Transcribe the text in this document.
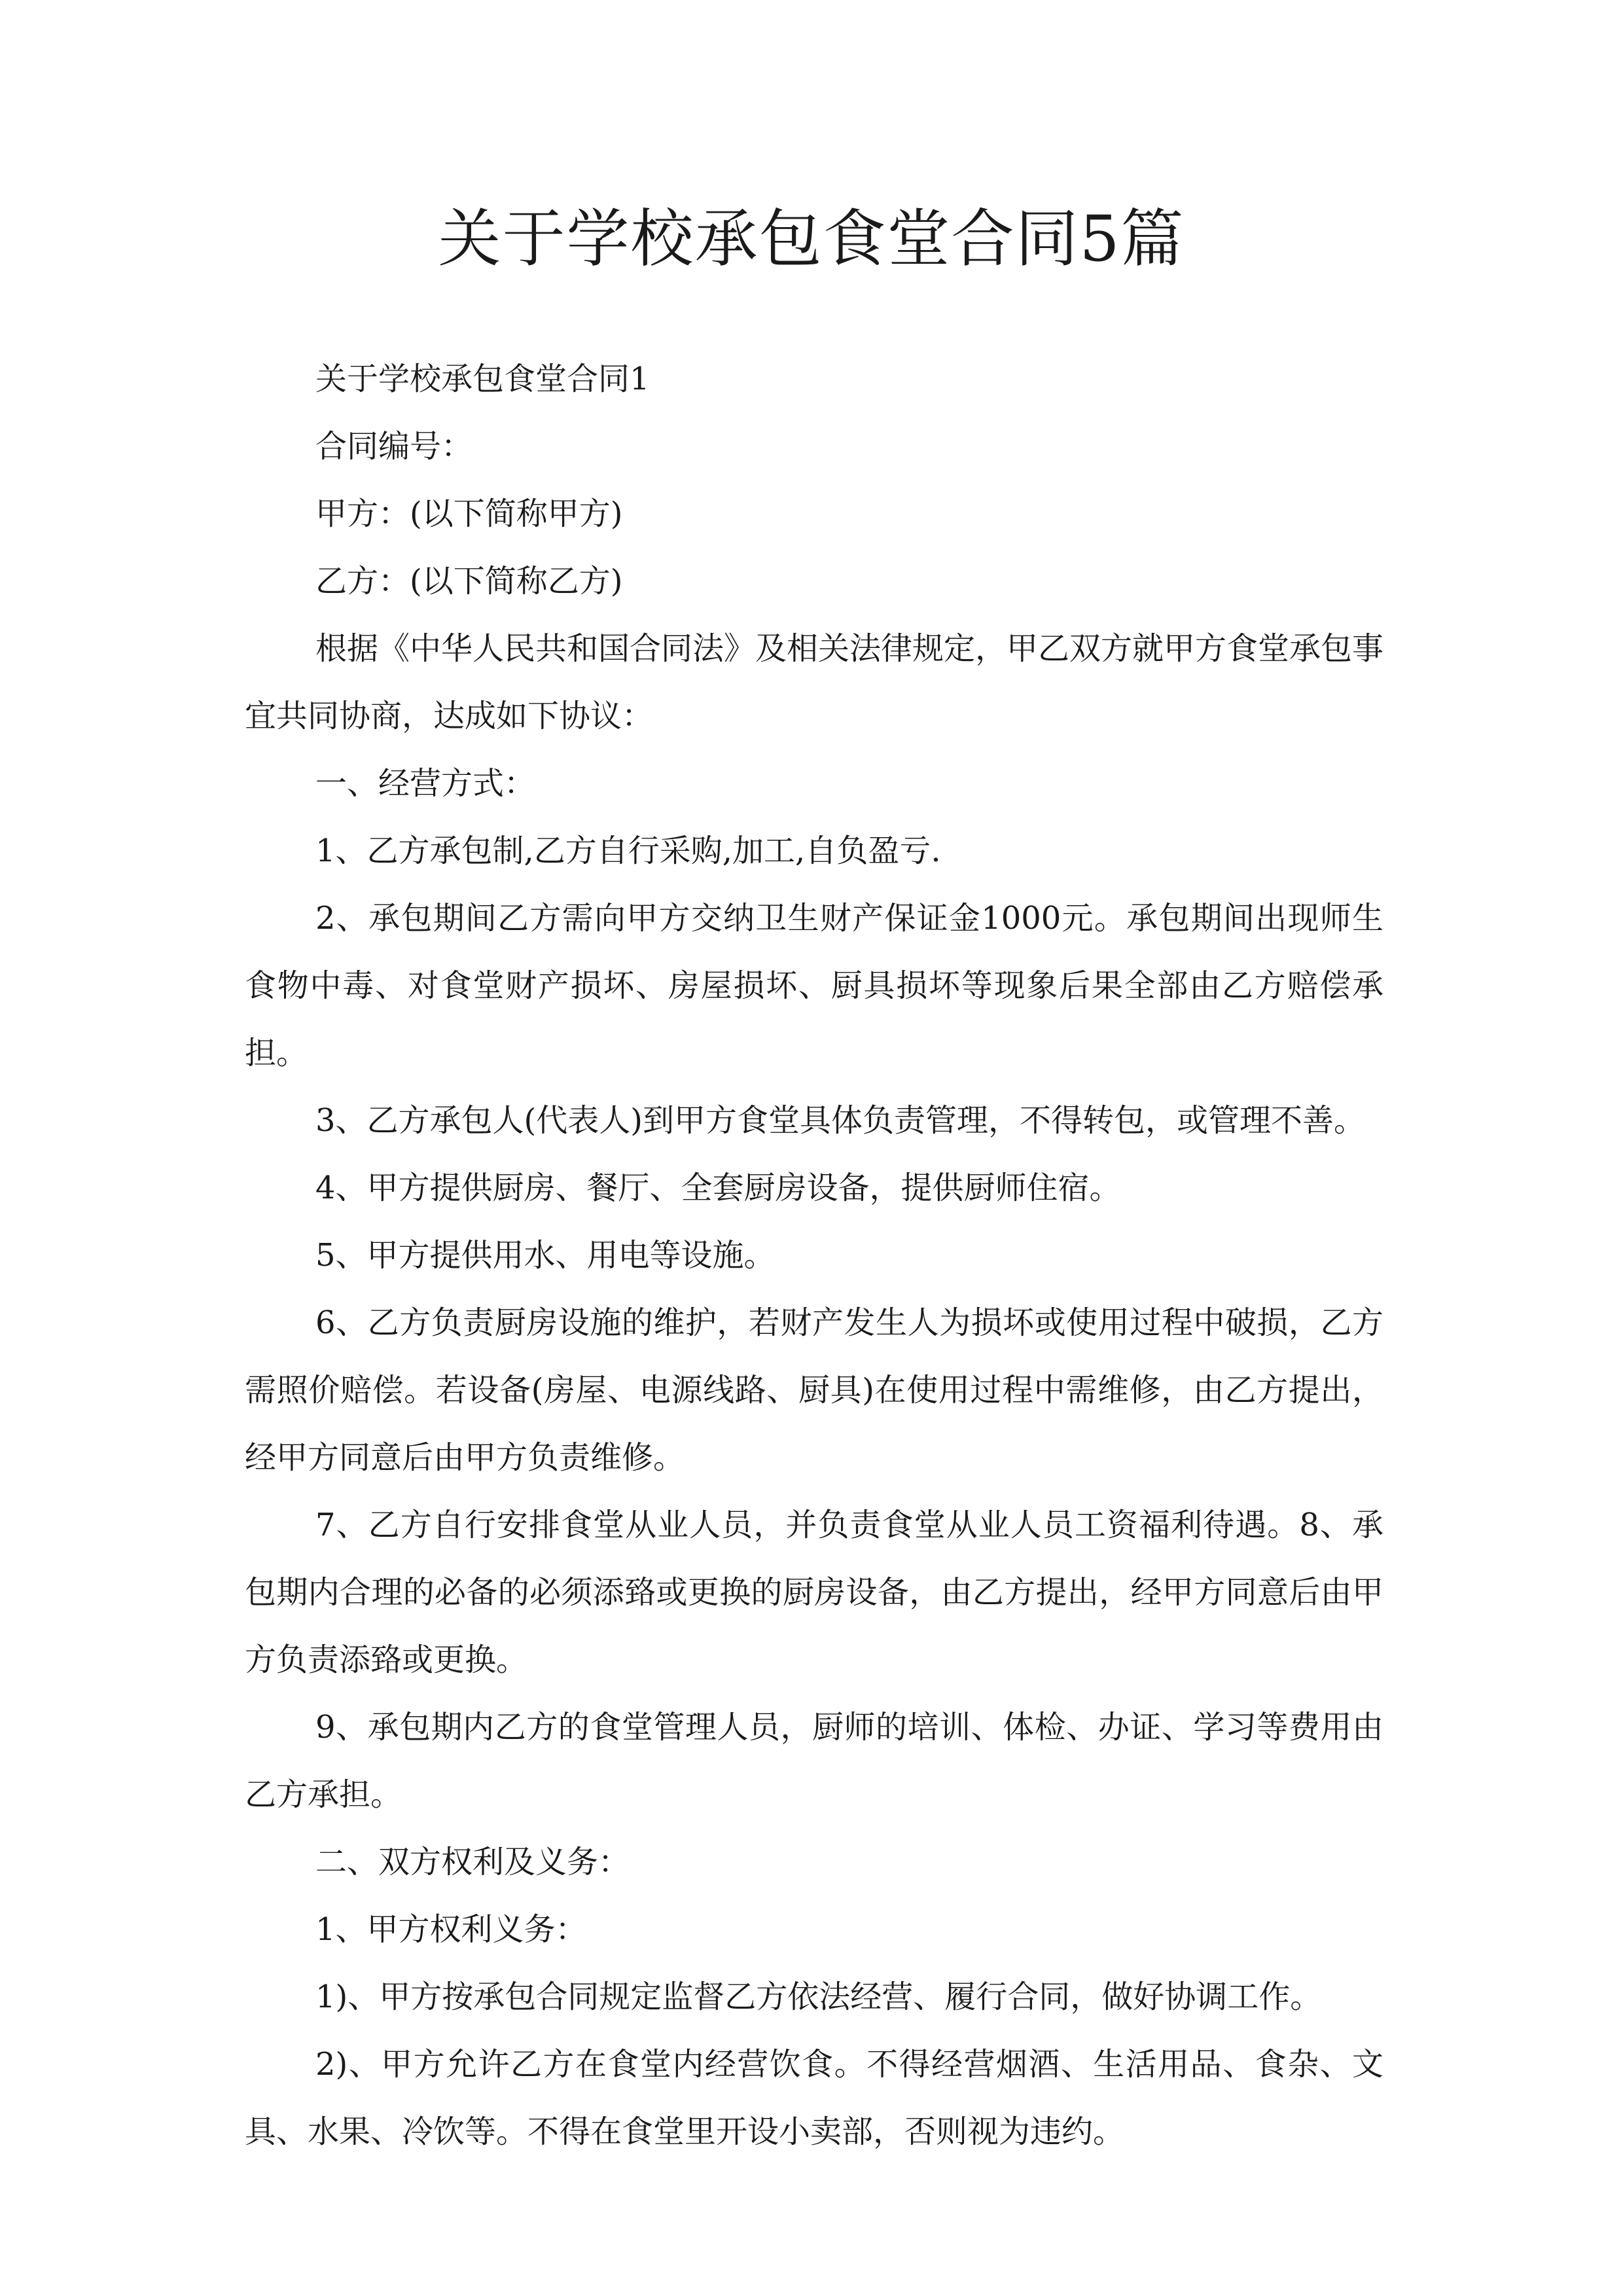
关于学校承包食堂合同5篇

关于学校承包食堂合同1

合同编号：

甲方：(以下简称甲方)

乙方：(以下简称乙方)

根据《中华人民共和国合同法》及相关法律规定，甲乙双方就甲方食堂承包事宜共同协商，达成如下协议：

一、经营方式：

1、乙方承包制,乙方自行采购,加工,自负盈亏.

2、承包期间乙方需向甲方交纳卫生财产保证金1000元。承包期间出现师生食物中毒、对食堂财产损坏、房屋损坏、厨具损坏等现象后果全部由乙方赔偿承担。

3、乙方承包人(代表人)到甲方食堂具体负责管理，不得转包，或管理不善。

4、甲方提供厨房、餐厅、全套厨房设备，提供厨师住宿。

5、甲方提供用水、用电等设施。

6、乙方负责厨房设施的维护，若财产发生人为损坏或使用过程中破损，乙方需照价赔偿。若设备(房屋、电源线路、厨具)在使用过程中需维修，由乙方提出，经甲方同意后由甲方负责维修。

7、乙方自行安排食堂从业人员，并负责食堂从业人员工资福利待遇。8、承包期内合理的必备的必须添臵或更换的厨房设备，由乙方提出，经甲方同意后由甲方负责添臵或更换。

9、承包期内乙方的食堂管理人员，厨师的培训、体检、办证、学习等费用由乙方承担。

二、双方权利及义务：

1、甲方权利义务：

1)、甲方按承包合同规定监督乙方依法经营、履行合同，做好协调工作。

2)、甲方允许乙方在食堂内经营饮食。不得经营烟酒、生活用品、食杂、文具、水果、冷饮等。不得在食堂里开设小卖部，否则视为违约。
